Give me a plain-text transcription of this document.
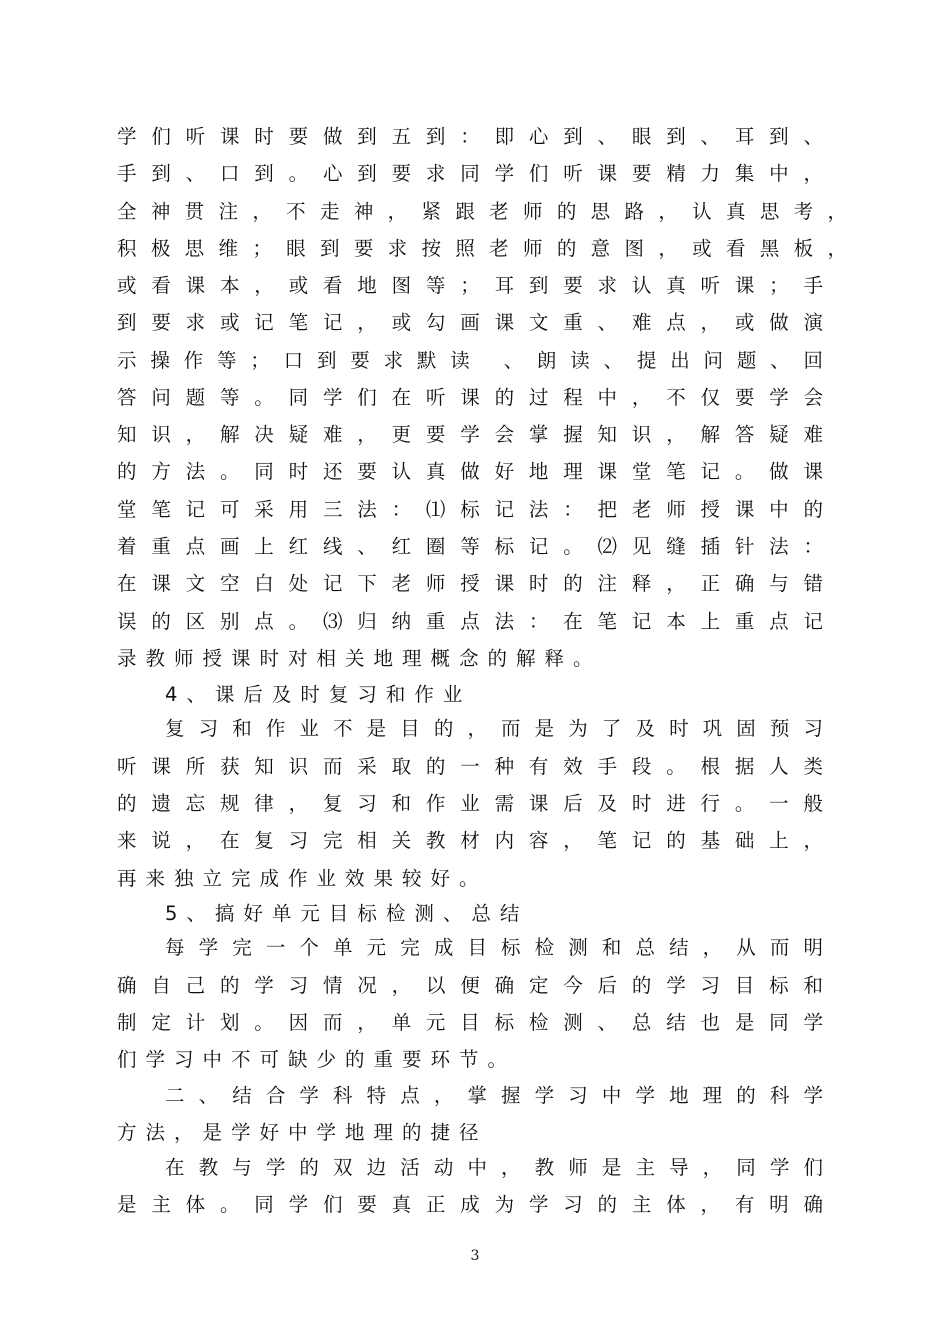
学们听课时要做到五到：即心到、眼到、耳到、
手到、口到。心到要求同学们听课要精力集中，
全神贯注，不走神，紧跟老师的思路，认真思考，
积极思维；眼到要求按照老师的意图，或看黑板，
或看课本，或看地图等；耳到要求认真听课；手
到要求或记笔记，或勾画课文重、难点，或做演
示操作等；口到要求默读 、朗读、提出问题、回
答问题等。同学们在听课的过程中，不仅要学会
知识，解决疑难，更要学会掌握知识，解答疑难
的方法。同时还要认真做好地理课堂笔记。做课
堂笔记可采用三法：⑴标记法：把老师授课中的
着重点画上红线、红圈等标记。⑵见缝插针法：
在课文空白处记下老师授课时的注释，正确与错
误的区别点。⑶归纳重点法：在笔记本上重点记
录教师授课时对相关地理概念的解释。
4、课后及时复习和作业
复习和作业不是目的，而是为了及时巩固预习
听课所获知识而采取的一种有效手段。根据人类
的遗忘规律，复习和作业需课后及时进行。一般
来说，在复习完相关教材内容，笔记的基础上，
再来独立完成作业效果较好。
5、搞好单元目标检测、总结
每学完一个单元完成目标检测和总结，从而明
确自己的学习情况，以便确定今后的学习目标和
制定计划。因而，单元目标检测、总结也是同学
们学习中不可缺少的重要环节。
二、结合学科特点，掌握学习中学地理的科学
方法，是学好中学地理的捷径
在教与学的双边活动中，教师是主导，同学们
是主体。同学们要真正成为学习的主体，有明确
3
